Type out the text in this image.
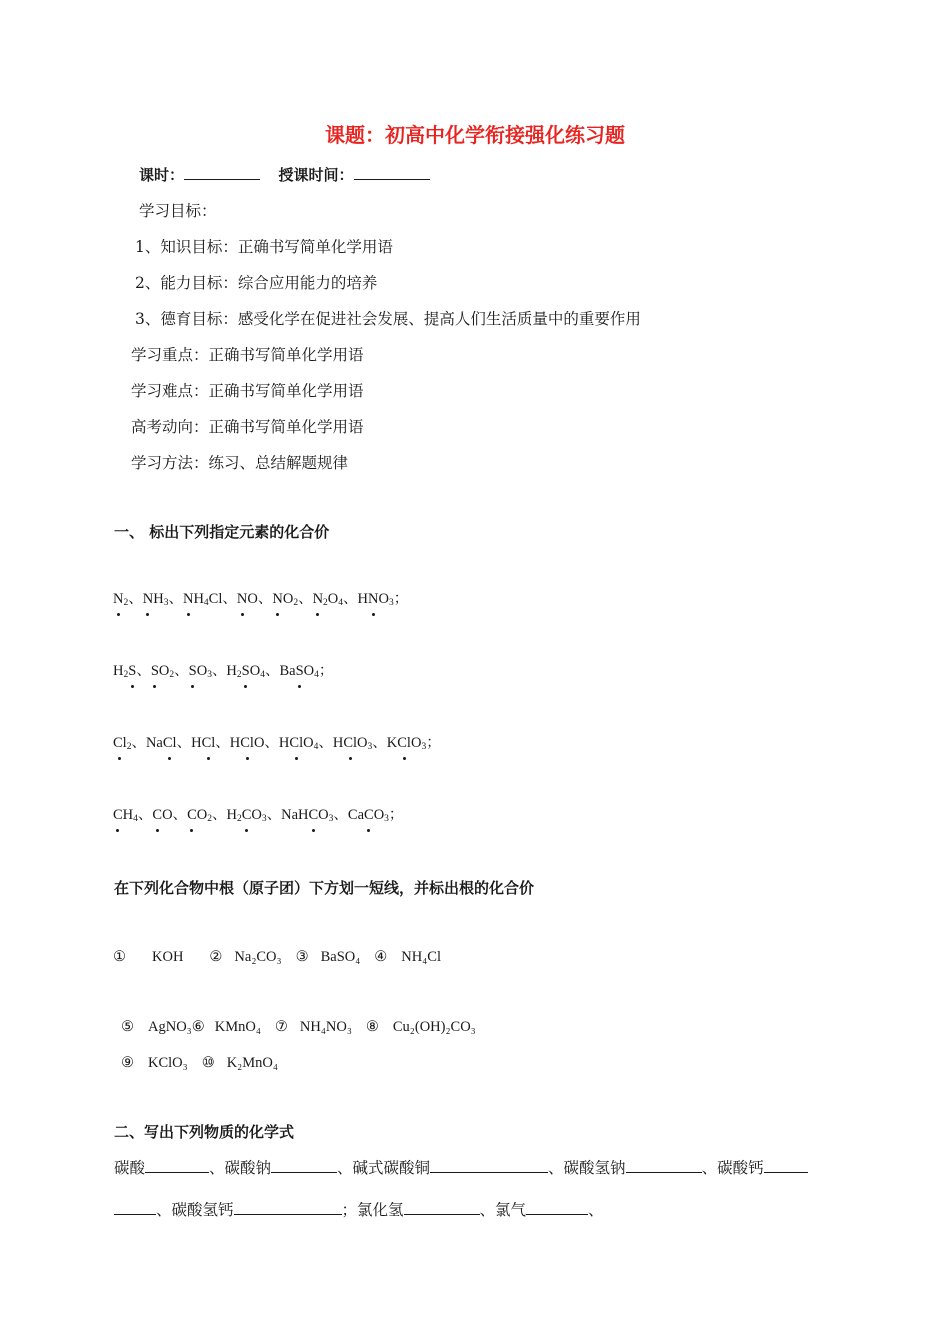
课题：初高中化学衔接强化练习题
课时：	授课时间：
学习目标：
1、知识目标：正确书写简单化学用语
2、能力目标：综合应用能力的培养
3、德育目标：感受化学在促进社会发展、提高人们生活质量中的重要作用
学习重点：正确书写简单化学用语
学习难点：正确书写简单化学用语
高考动向：正确书写简单化学用语
学习方法：练习、总结解题规律
一、 标出下列指定元素的化合价
$N_2$、$NH_3$、$NH_4Cl$、NO、$NO_2$、$N_2O_4$、$HNO_3$；
$H_2S$、$SO_2$、$SO_3$、$H_2SO_4$、BaSO$_4$；
$Cl_2$、NaCl、HCl、HClO、HClO$_4$、HClO$_3$、KClO$_3$；
$CH_4$、CO、$CO_2$、$H_2CO_3$、NaHCO$_3$、CaCO$_3$；
在下列化合物中根（原子团）下方划一短线，并标出根的化合价
① KOH ② Na₂CO₃ ③ BaSO₄ ④ NH₄Cl
⑤ AgNO₃⑥ KMnO₄ ⑦ NH₄NO₃ ⑧ Cu₂(OH)₂CO₃
⑨ KClO₃ ⑩ K₂MnO₄
二、写出下列物质的化学式
碳酸	、碳酸钠	、碱式碳酸铜	、碳酸氢钠	、碳酸钙
、碳酸氢钙	；氯化氢	、氯气	、
